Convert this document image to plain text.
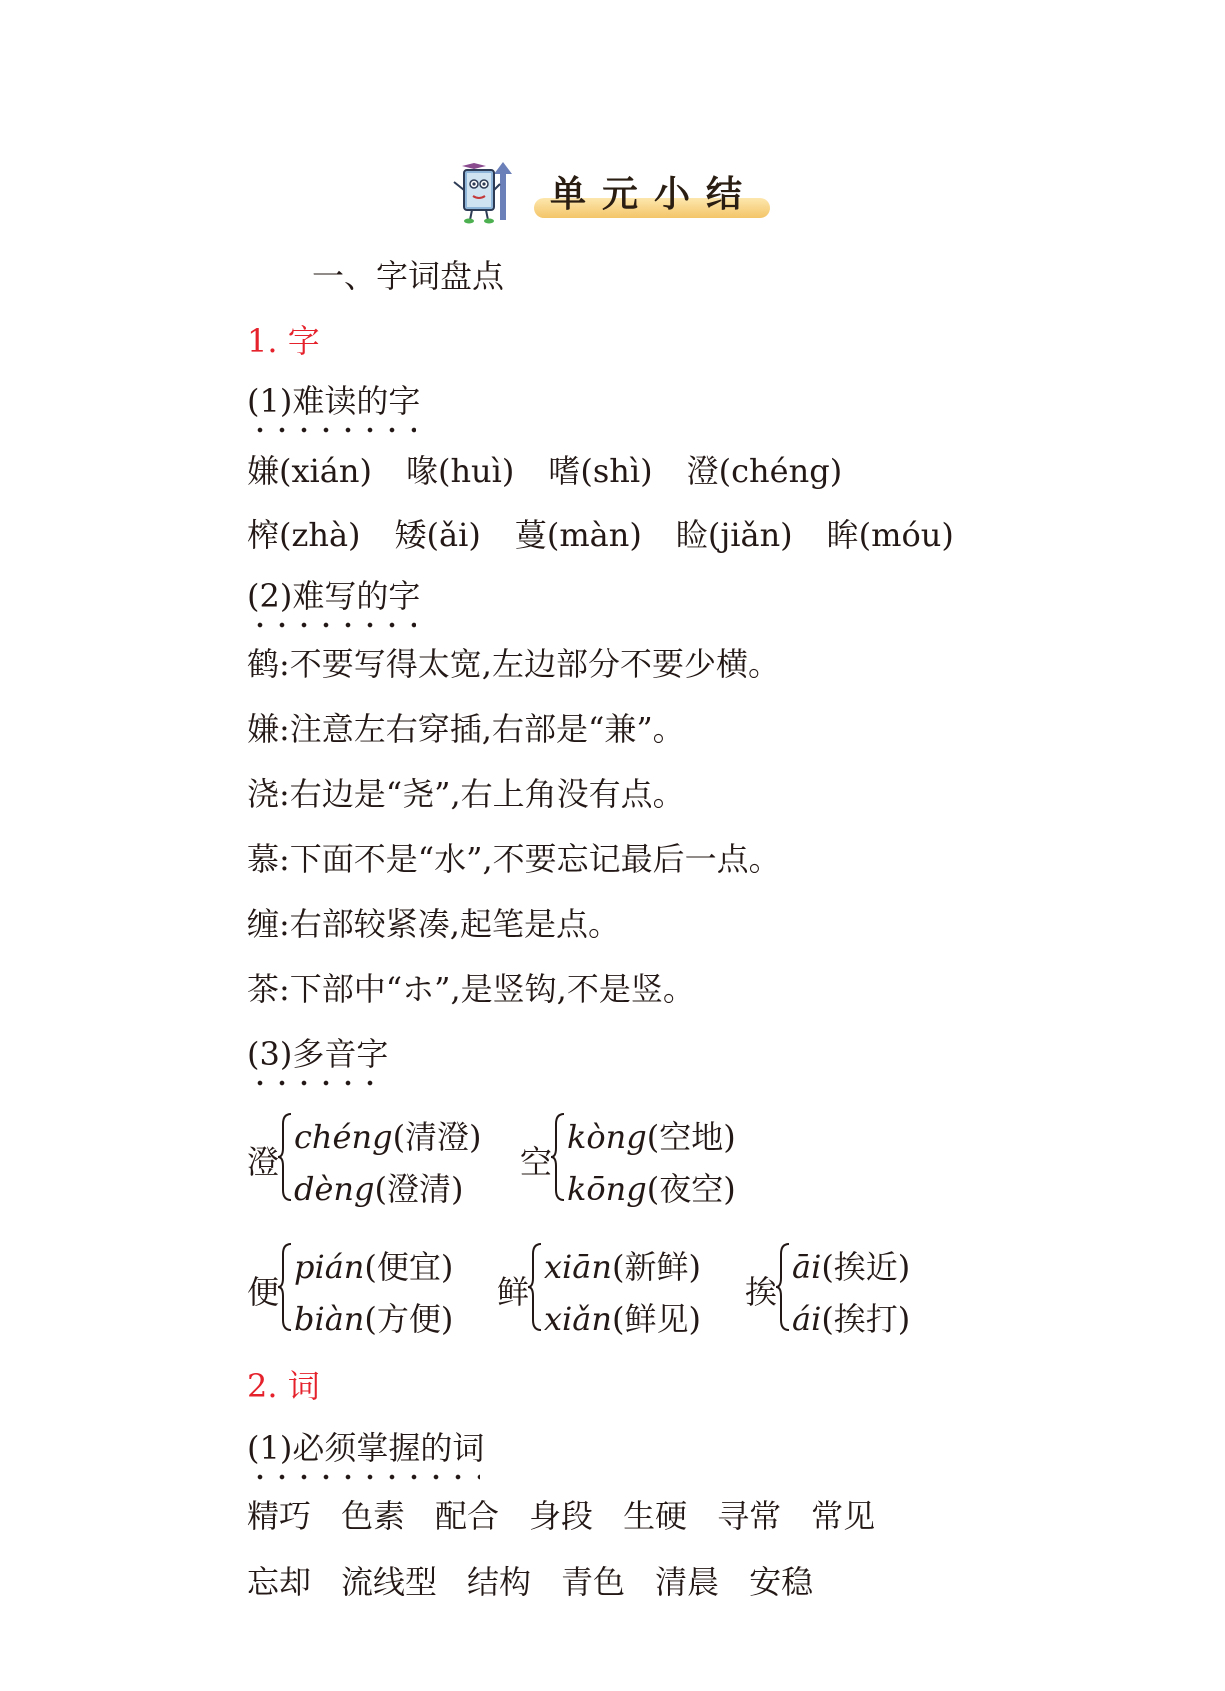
单元小结
一、字词盘点
1. 字
(1)难读的字
嫌(xián) 喙(huì) 嗜(shì) 澄(chéng)
榨(zhà) 矮(ǎi) 蔓(màn) 睑(jiǎn) 眸(móu)
(2)难写的字
鹤:不要写得太宽,左边部分不要少横。
嫌:注意左右穿插,右部是“兼”。
浇:右边是“尧”,右上角没有点。
慕:下面不是“水”,不要忘记最后一点。
缠:右部较紧凑,起笔是点。
茶:下部中“ホ”,是竖钩,不是竖。
(3)多音字
澄
chéng(清澄)
dèng(澄清)
空
kòng(空地)
kōng(夜空)
便
pián(便宜)
biàn(方便)
鲜
xiān(新鲜)
xiǎn(鲜见)
挨
āi(挨近)
ái(挨打)
2. 词
(1)必须掌握的词
精巧 色素 配合 身段 生硬 寻常 常见
忘却 流线型 结构 青色 清晨 安稳
